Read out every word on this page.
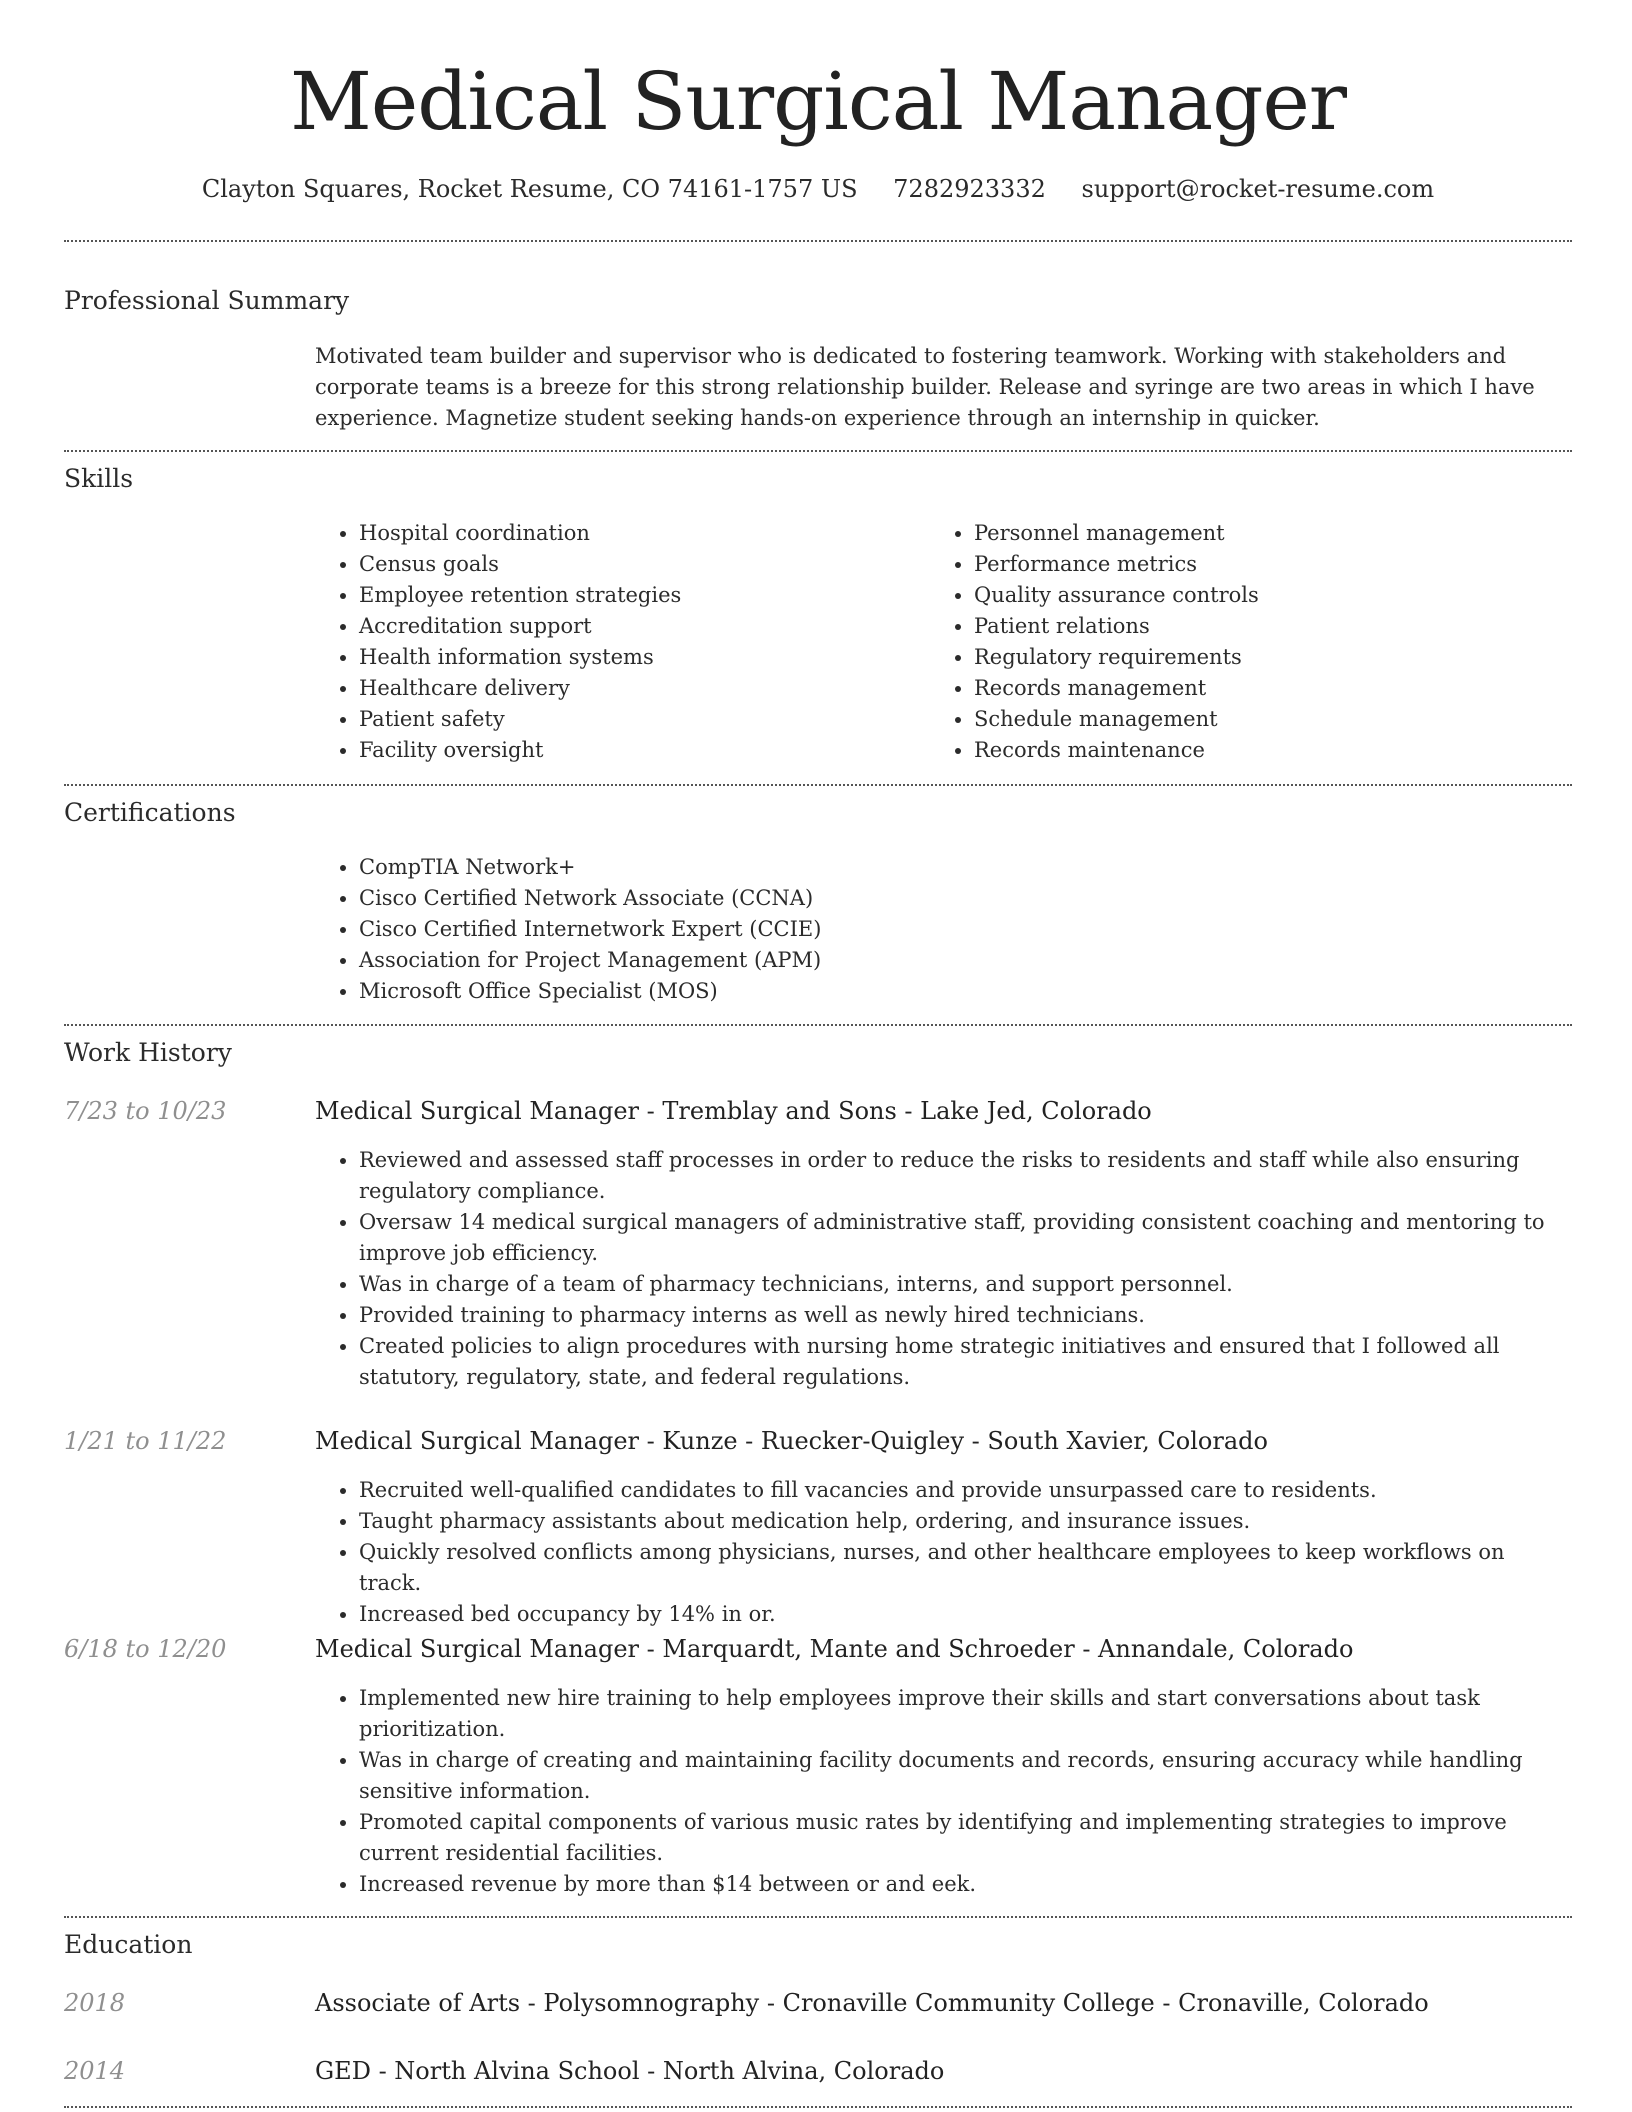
Medical Surgical Manager
Clayton Squares, Rocket Resume, CO 74161-1757 US 7282923332 support@rocket-resume.com
Professional Summary
Motivated team builder and supervisor who is dedicated to fostering teamwork. Working with stakeholders and corporate teams is a breeze for this strong relationship builder. Release and syringe are two areas in which I have experience. Magnetize student seeking hands-on experience through an internship in quicker.
Skills
• Hospital coordination
• Census goals
• Employee retention strategies
• Accreditation support
• Health information systems
• Healthcare delivery
• Patient safety
• Facility oversight
• Personnel management
• Performance metrics
• Quality assurance controls
• Patient relations
• Regulatory requirements
• Records management
• Schedule management
• Records maintenance
Certifications
• CompTIA Network+
• Cisco Certified Network Associate (CCNA)
• Cisco Certified Internetwork Expert (CCIE)
• Association for Project Management (APM)
• Microsoft Office Specialist (MOS)
Work History
7/23 to 10/23	Medical Surgical Manager - Tremblay and Sons - Lake Jed, Colorado
• Reviewed and assessed staff processes in order to reduce the risks to residents and staff while also ensuring regulatory compliance.
• Oversaw 14 medical surgical managers of administrative staff, providing consistent coaching and mentoring to improve job efficiency.
• Was in charge of a team of pharmacy technicians, interns, and support personnel.
• Provided training to pharmacy interns as well as newly hired technicians.
• Created policies to align procedures with nursing home strategic initiatives and ensured that I followed all statutory, regulatory, state, and federal regulations.
1/21 to 11/22	Medical Surgical Manager - Kunze - Ruecker-Quigley - South Xavier, Colorado
• Recruited well-qualified candidates to fill vacancies and provide unsurpassed care to residents.
• Taught pharmacy assistants about medication help, ordering, and insurance issues.
• Quickly resolved conflicts among physicians, nurses, and other healthcare employees to keep workflows on track.
• Increased bed occupancy by 14% in or.
6/18 to 12/20	Medical Surgical Manager - Marquardt, Mante and Schroeder - Annandale, Colorado
• Implemented new hire training to help employees improve their skills and start conversations about task prioritization.
• Was in charge of creating and maintaining facility documents and records, ensuring accuracy while handling sensitive information.
• Promoted capital components of various music rates by identifying and implementing strategies to improve current residential facilities.
• Increased revenue by more than $14 between or and eek.
Education
2018	Associate of Arts - Polysomnography - Cronaville Community College - Cronaville, Colorado
2014	GED - North Alvina School - North Alvina, Colorado
